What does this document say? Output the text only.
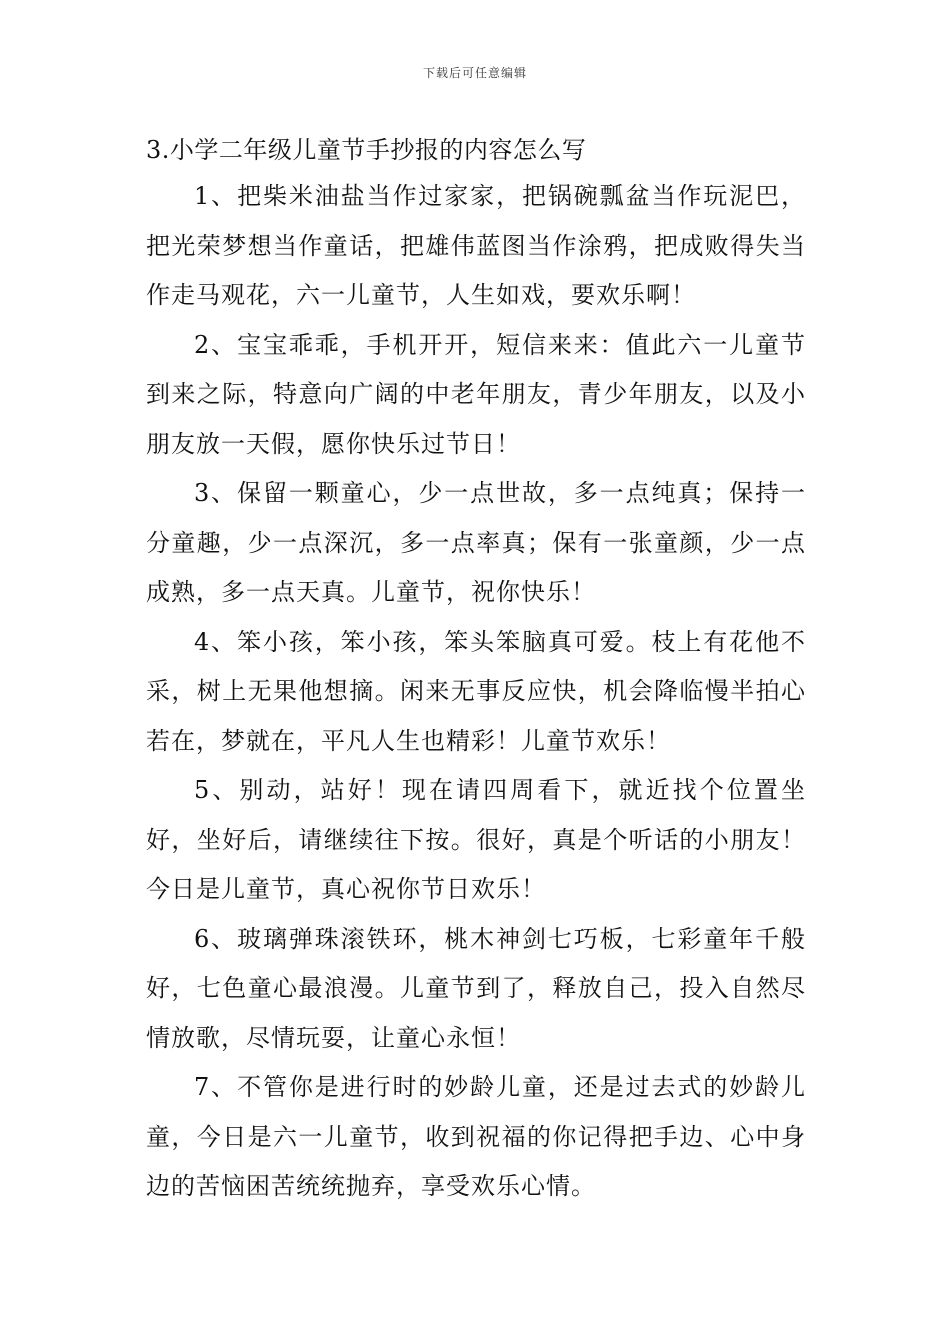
下载后可任意编辑
3.小学二年级儿童节手抄报的内容怎么写

1、把柴米油盐当作过家家，把锅碗瓢盆当作玩泥巴，把光荣梦想当作童话，把雄伟蓝图当作涂鸦，把成败得失当作走马观花，六一儿童节，人生如戏，要欢乐啊！

2、宝宝乖乖，手机开开，短信来来：值此六一儿童节到来之际，特意向广阔的中老年朋友，青少年朋友，以及小朋友放一天假，愿你快乐过节日！

3、保留一颗童心，少一点世故，多一点纯真；保持一分童趣，少一点深沉，多一点率真；保有一张童颜，少一点成熟，多一点天真。儿童节，祝你快乐！

4、笨小孩，笨小孩，笨头笨脑真可爱。枝上有花他不采，树上无果他想摘。闲来无事反应快，机会降临慢半拍心若在，梦就在，平凡人生也精彩！儿童节欢乐！

5、别动，站好！现在请四周看下，就近找个位置坐好，坐好后，请继续往下按。很好，真是个听话的小朋友！今日是儿童节，真心祝你节日欢乐！

6、玻璃弹珠滚铁环，桃木神剑七巧板，七彩童年千般好，七色童心最浪漫。儿童节到了，释放自己，投入自然尽情放歌，尽情玩耍，让童心永恒！

7、不管你是进行时的妙龄儿童，还是过去式的妙龄儿童，今日是六一儿童节，收到祝福的你记得把手边、心中身边的苦恼困苦统统抛弃，享受欢乐心情。
